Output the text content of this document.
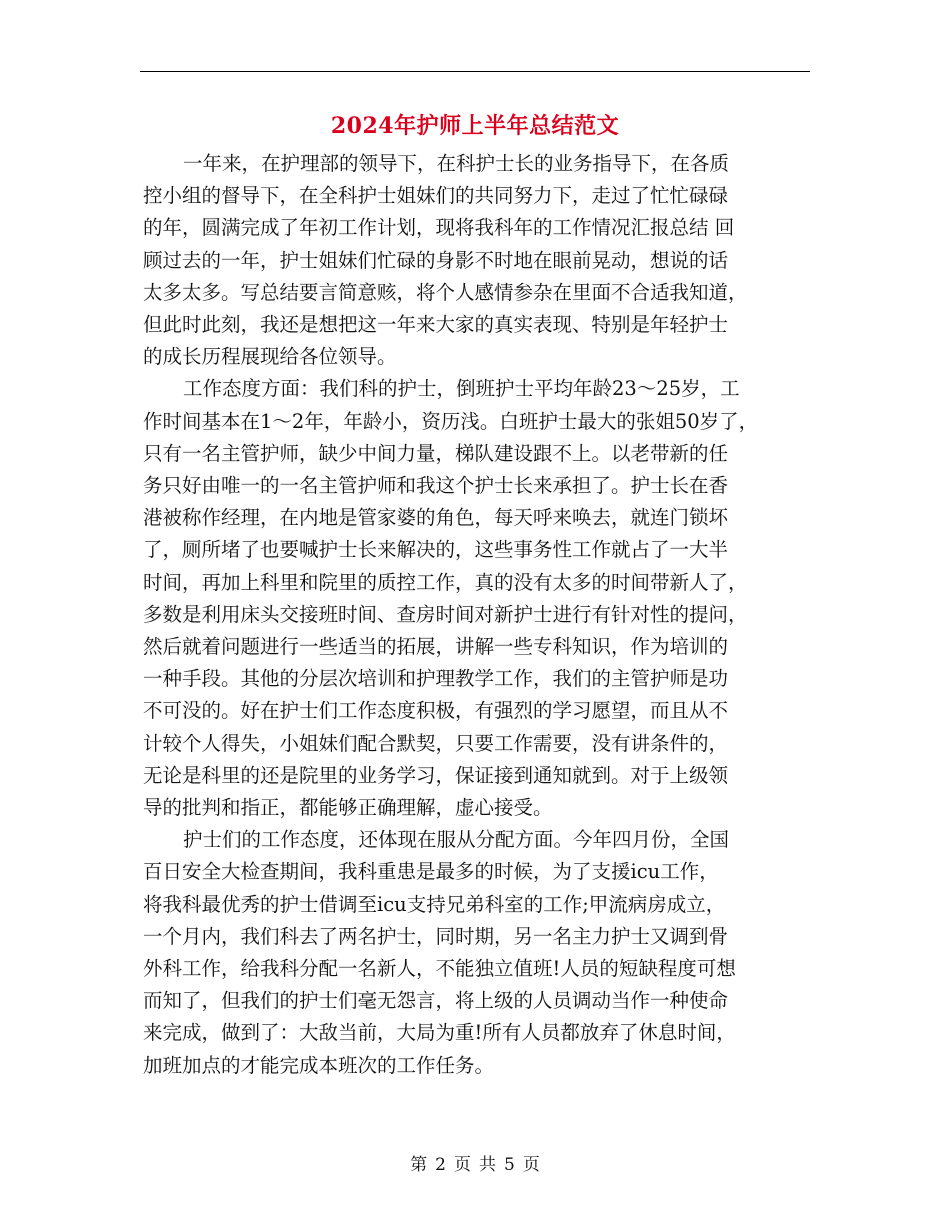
2024年护师上半年总结范文

一年来，在护理部的领导下，在科护士长的业务指导下，在各质
控小组的督导下，在全科护士姐妹们的共同努力下，走过了忙忙碌碌
的年，圆满完成了年初工作计划，现将我科年的工作情况汇报总结 回
顾过去的一年，护士姐妹们忙碌的身影不时地在眼前晃动，想说的话
太多太多。写总结要言简意赅，将个人感情参杂在里面不合适我知道，
但此时此刻，我还是想把这一年来大家的真实表现、特别是年轻护士
的成长历程展现给各位领导。

工作态度方面：我们科的护士，倒班护士平均年龄23～25岁，工
作时间基本在1～2年，年龄小，资历浅。白班护士最大的张姐50岁了，
只有一名主管护师，缺少中间力量，梯队建设跟不上。以老带新的任
务只好由唯一的一名主管护师和我这个护士长来承担了。护士长在香
港被称作经理，在内地是管家婆的角色，每天呼来唤去，就连门锁坏
了，厕所堵了也要喊护士长来解决的，这些事务性工作就占了一大半
时间，再加上科里和院里的质控工作，真的没有太多的时间带新人了，
多数是利用床头交接班时间、查房时间对新护士进行有针对性的提问，
然后就着问题进行一些适当的拓展，讲解一些专科知识，作为培训的
一种手段。其他的分层次培训和护理教学工作，我们的主管护师是功
不可没的。好在护士们工作态度积极，有强烈的学习愿望，而且从不
计较个人得失，小姐妹们配合默契，只要工作需要，没有讲条件的，
无论是科里的还是院里的业务学习，保证接到通知就到。对于上级领
导的批判和指正，都能够正确理解，虚心接受。

护士们的工作态度，还体现在服从分配方面。今年四月份，全国
百日安全大检查期间，我科重患是最多的时候，为了支援icu工作，
将我科最优秀的护士借调至icu支持兄弟科室的工作;甲流病房成立，
一个月内，我们科去了两名护士，同时期，另一名主力护士又调到骨
外科工作，给我科分配一名新人，不能独立值班!人员的短缺程度可想
而知了，但我们的护士们毫无怨言，将上级的人员调动当作一种使命
来完成，做到了：大敌当前，大局为重!所有人员都放弃了休息时间，
加班加点的才能完成本班次的工作任务。

第 2 页 共 5 页
